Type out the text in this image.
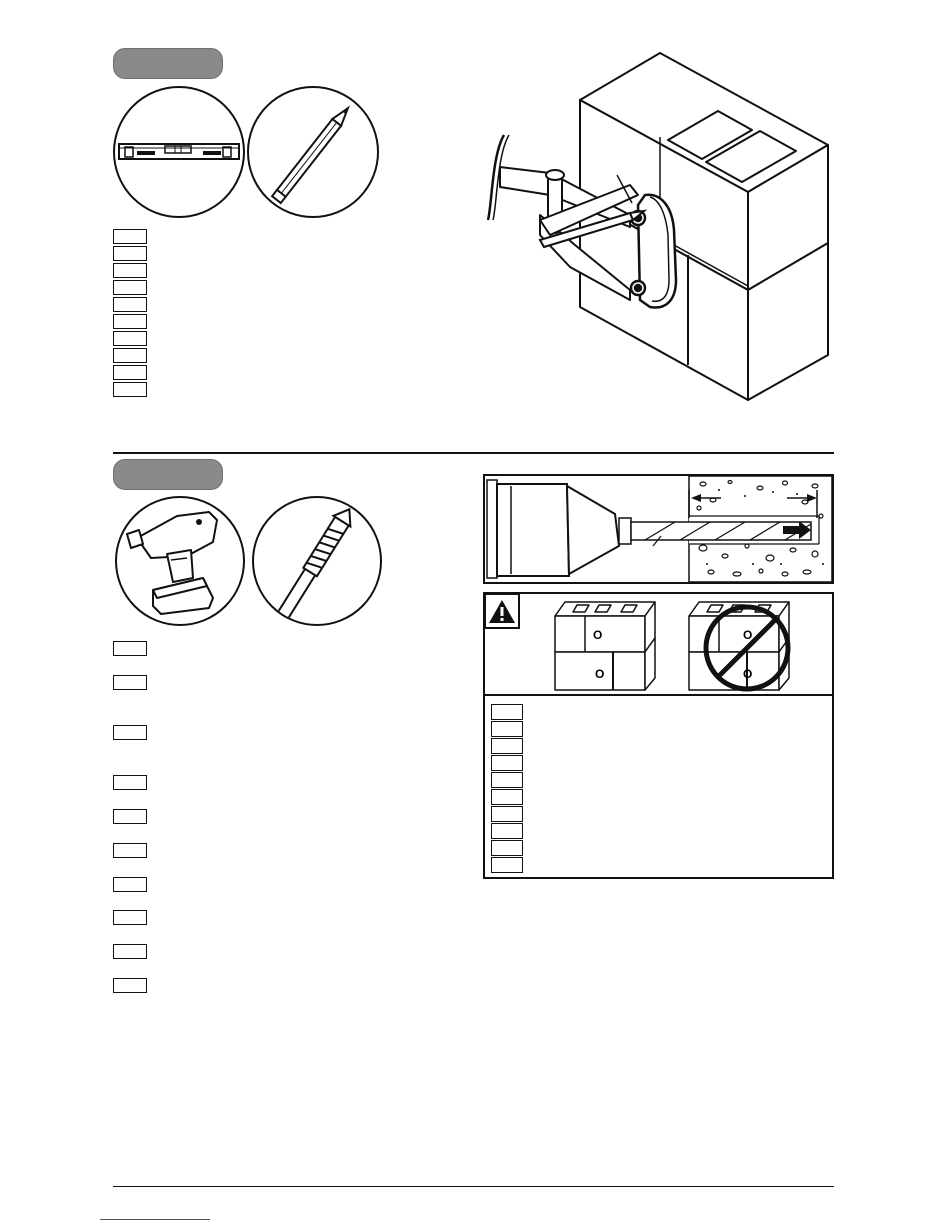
O
O
O
O
